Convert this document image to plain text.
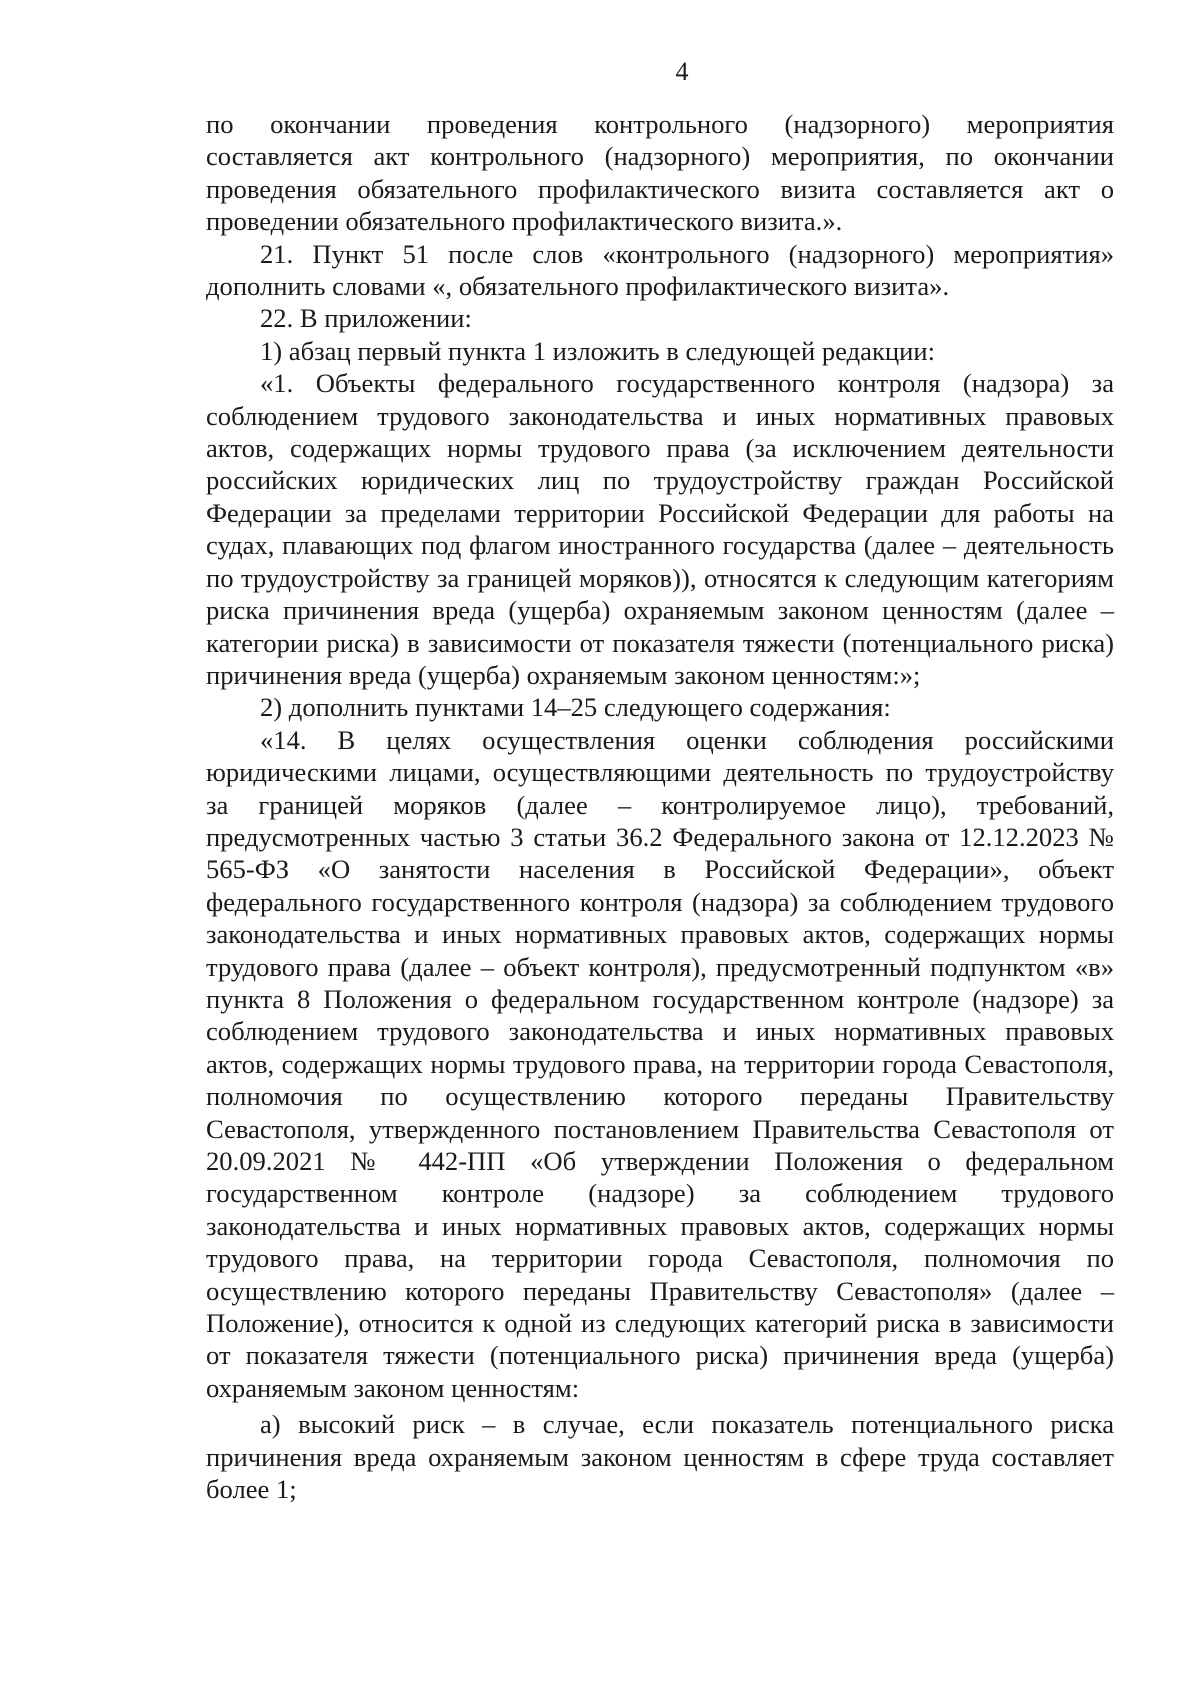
4

по окончании проведения контрольного (надзорного) мероприятия составляется акт контрольного (надзорного) мероприятия, по окончании проведения обязательного профилактического визита составляется акт о проведении обязательного профилактического визита.».

21. Пункт 51 после слов «контрольного (надзорного) мероприятия» дополнить словами «, обязательного профилактического визита».

22. В приложении:

1) абзац первый пункта 1 изложить в следующей редакции:

«1. Объекты федерального государственного контроля (надзора) за соблюдением трудового законодательства и иных нормативных правовых актов, содержащих нормы трудового права (за исключением деятельности российских юридических лиц по трудоустройству граждан Российской Федерации за пределами территории Российской Федерации для работы на судах, плавающих под флагом иностранного государства (далее – деятельность по трудоустройству за границей моряков)), относятся к следующим категориям риска причинения вреда (ущерба) охраняемым законом ценностям (далее – категории риска) в зависимости от показателя тяжести (потенциального риска) причинения вреда (ущерба) охраняемым законом ценностям:»;

2) дополнить пунктами 14–25 следующего содержания:

«14. В целях осуществления оценки соблюдения российскими юридическими лицами, осуществляющими деятельность по трудоустройству за границей моряков (далее – контролируемое лицо), требований, предусмотренных частью 3 статьи 36.2 Федерального закона от 12.12.2023 № 565-ФЗ «О занятости населения в Российской Федерации», объект федерального государственного контроля (надзора) за соблюдением трудового законодательства и иных нормативных правовых актов, содержащих нормы трудового права (далее – объект контроля), предусмотренный подпунктом «в» пункта 8 Положения о федеральном государственном контроле (надзоре) за соблюдением трудового законодательства и иных нормативных правовых актов, содержащих нормы трудового права, на территории города Севастополя, полномочия по осуществлению которого переданы Правительству Севастополя, утвержденного постановлением Правительства Севастополя от 20.09.2021 № 442-ПП «Об утверждении Положения о федеральном государственном контроле (надзоре) за соблюдением трудового законодательства и иных нормативных правовых актов, содержащих нормы трудового права, на территории города Севастополя, полномочия по осуществлению которого переданы Правительству Севастополя» (далее – Положение), относится к одной из следующих категорий риска в зависимости от показателя тяжести (потенциального риска) причинения вреда (ущерба) охраняемым законом ценностям:

а) высокий риск – в случае, если показатель потенциального риска причинения вреда охраняемым законом ценностям в сфере труда составляет более 1;
